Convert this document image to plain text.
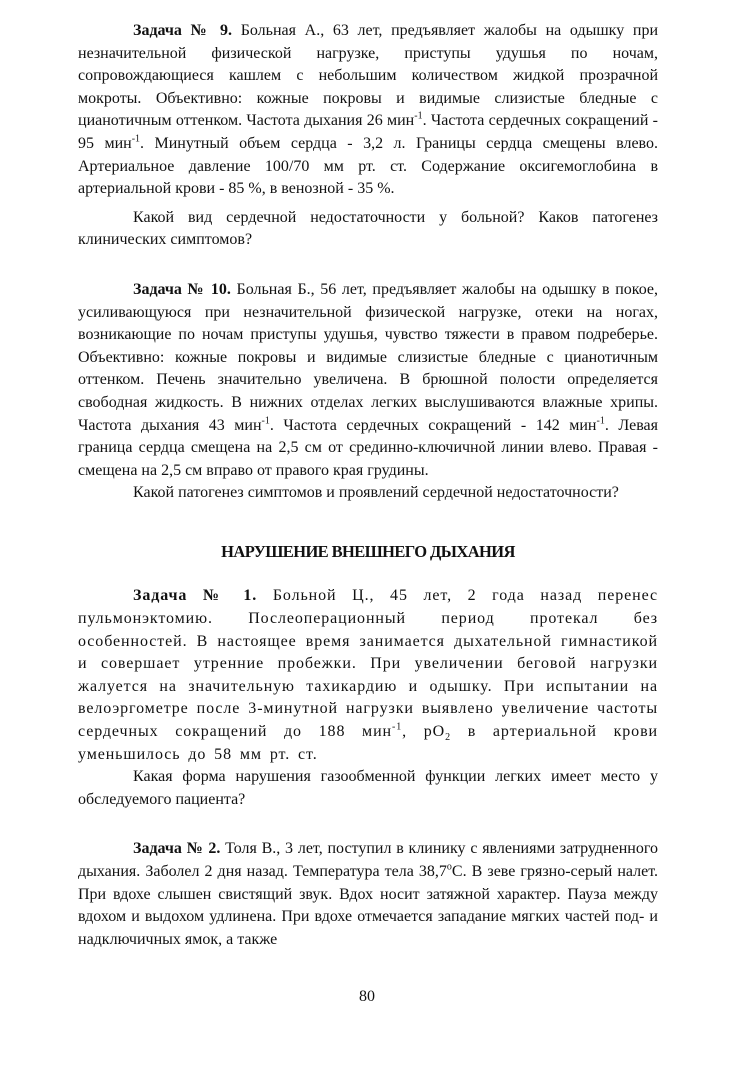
Задача № 9. Больная А., 63 лет, предъявляет жалобы на одышку при незначительной физической нагрузке, приступы удушья по ночам, сопровождающиеся кашлем с небольшим количеством жидкой прозрачной мокроты. Объективно: кожные покровы и видимые слизистые бледные с цианотичным оттенком. Частота дыхания 26 мин$^{-1}$. Частота сердечных сокращений - 95 мин$^{-1}$. Минутный объем сердца - 3,2 л. Границы сердца смещены влево. Артериальное давление 100/70 мм рт. ст. Содержание оксигемоглобина в артериальной крови - 85 %, в венозной - 35 %.

Какой вид сердечной недостаточности у больной? Каков патогенез клинических симптомов?

Задача № 10. Больная Б., 56 лет, предъявляет жалобы на одышку в покое, усиливающуюся при незначительной физической нагрузке, отеки на ногах, возникающие по ночам приступы удушья, чувство тяжести в правом подреберье. Объективно: кожные покровы и видимые слизистые бледные с цианотичным оттенком. Печень значительно увеличена. В брюшной полости определяется свободная жидкость. В нижних отделах легких выслушиваются влажные хрипы. Частота дыхания 43 мин$^{-1}$. Частота сердечных сокращений - 142 мин$^{-1}$. Левая граница сердца смещена на 2,5 см от срединно-ключичной линии влево. Правая - смещена на 2,5 см вправо от правого края грудины.

Какой патогенез симптомов и проявлений сердечной недостаточности?

НАРУШЕНИЕ ВНЕШНЕГО ДЫХАНИЯ

Задача № 1. Больной Ц., 45 лет, 2 года назад перенес пульмонэктомию. Послеоперационный период протекал без особенностей. В настоящее время занимается дыхательной гимнастикой и совершает утренние пробежки. При увеличении беговой нагрузки жалуется на значительную тахикардию и одышку. При испытании на велоэргометре после 3-минутной нагрузки выявлено увеличение частоты сердечных сокращений до 188 мин$^{-1}$, $pO_2$ в артериальной крови уменьшилось до 58 мм рт. ст.

Какая форма нарушения газообменной функции легких имеет место у обследуемого пациента?

Задача № 2. Толя В., 3 лет, поступил в клинику с явлениями затрудненного дыхания. Заболел 2 дня назад. Температура тела $38,7^оС$. В зеве грязно-серый налет. При вдохе слышен свистящий звук. Вдох носит затяжной характер. Пауза между вдохом и выдохом удлинена. При вдохе отмечается западание мягких частей под- и надключичных ямок, а также

80
